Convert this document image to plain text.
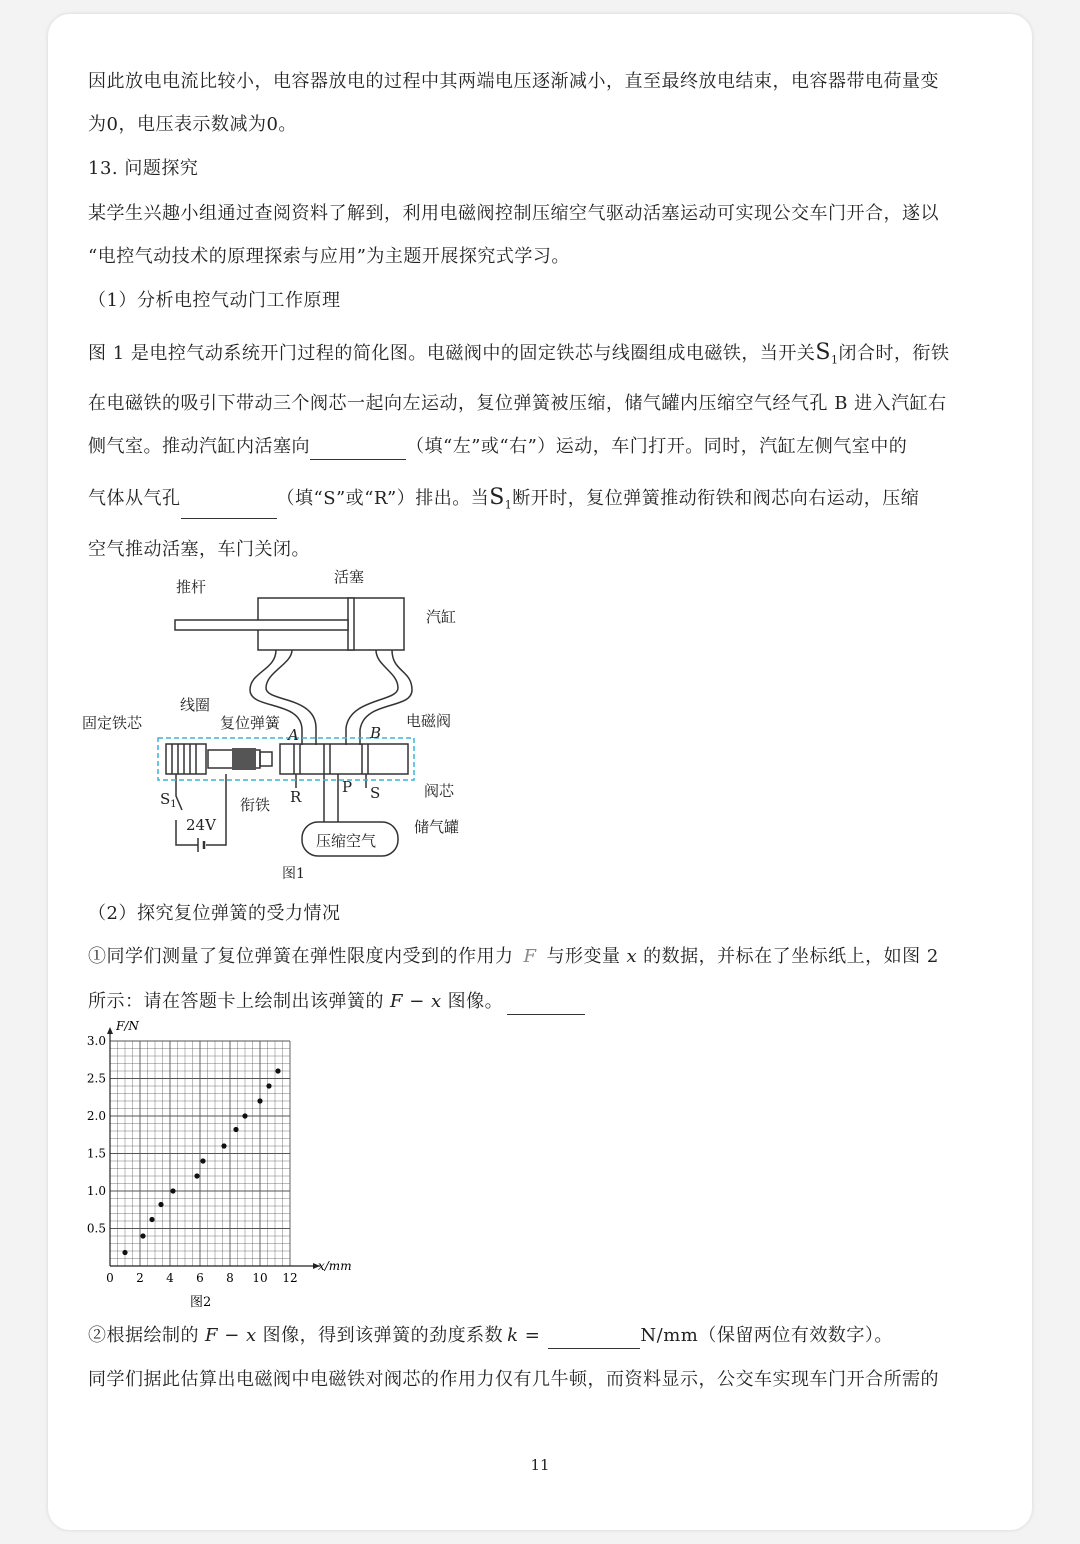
因此放电电流比较小，电容器放电的过程中其两端电压逐渐减小，直至最终放电结束，电容器带电荷量变
为0，电压表示数减为0。
13. 问题探究
某学生兴趣小组通过查阅资料了解到，利用电磁阀控制压缩空气驱动活塞运动可实现公交车门开合，遂以
“电控气动技术的原理探索与应用”为主题开展探究式学习。
（1）分析电控气动门工作原理
图 1 是电控气动系统开门过程的简化图。电磁阀中的固定铁芯与线圈组成电磁铁，当开关$S_1$闭合时，衔铁
在电磁铁的吸引下带动三个阀芯一起向左运动，复位弹簧被压缩，储气罐内压缩空气经气孔 B 进入汽缸右
侧气室。推动汽缸内活塞向	（填“左”或“右”）运动，车门打开。同时，汽缸左侧气室中的
气体从气孔	（填“S”或“R”）排出。当$S_1$断开时，复位弹簧推动衔铁和阀芯向右运动，压缩
空气推动活塞，车门关闭。
推杆
活塞
汽缸
固定铁芯
线圈
复位弹簧	电磁阀
衔铁
阀芯
储气罐
压缩空气
A	B
R
P S
$S_1$
24V
图1
（2）探究复位弹簧的受力情况
①同学们测量了复位弹簧在弹性限度内受到的作用力 F 与形变量 x 的数据，并标在了坐标纸上，如图 2
所示：请在答题卡上绘制出该弹簧的 F − x 图像。
0 2 4 6 8 10 12
0.5
1.0
1.5
2.0
2.5
3.0
F/N
x/mm
图2
②根据绘制的 F − x 图像，得到该弹簧的劲度系数 k =	N/mm（保留两位有效数字）。
同学们据此估算出电磁阀中电磁铁对阀芯的作用力仅有几牛顿，而资料显示，公交车实现车门开合所需的
11
